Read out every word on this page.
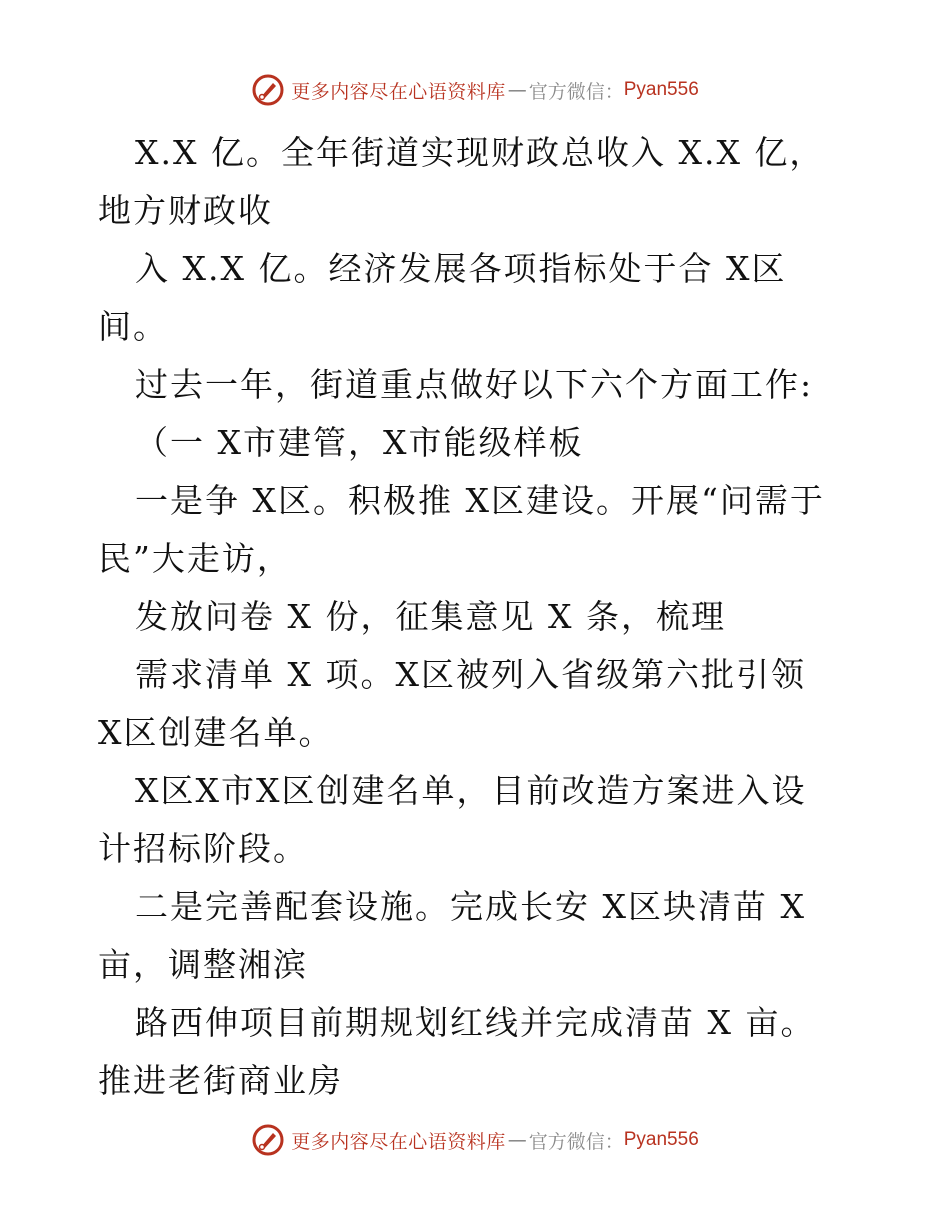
更多内容尽在心语资料库 — 官方微信： Pyan556

X.X 亿。全年街道实现财政总收入 X.X 亿，地方财政收

入 X.X 亿。经济发展各项指标处于合 X区间。

过去一年，街道重点做好以下六个方面工作:

（一 X市建管，X市能级样板

一是争 X区。积极推 X区建设。开展“问需于民”大走访，

发放问卷 X 份，征集意见 X 条，梳理

需求清单 X 项。X区被列入省级第六批引领 X区创建名单。

X区X市X区创建名单，目前改造方案进入设计招标阶段。

二是完善配套设施。完成长安 X区块清苗 X亩，调整湘滨

路西伸项目前期规划红线并完成清苗 X 亩。推进老街商业房

更多内容尽在心语资料库 — 官方微信： Pyan556
